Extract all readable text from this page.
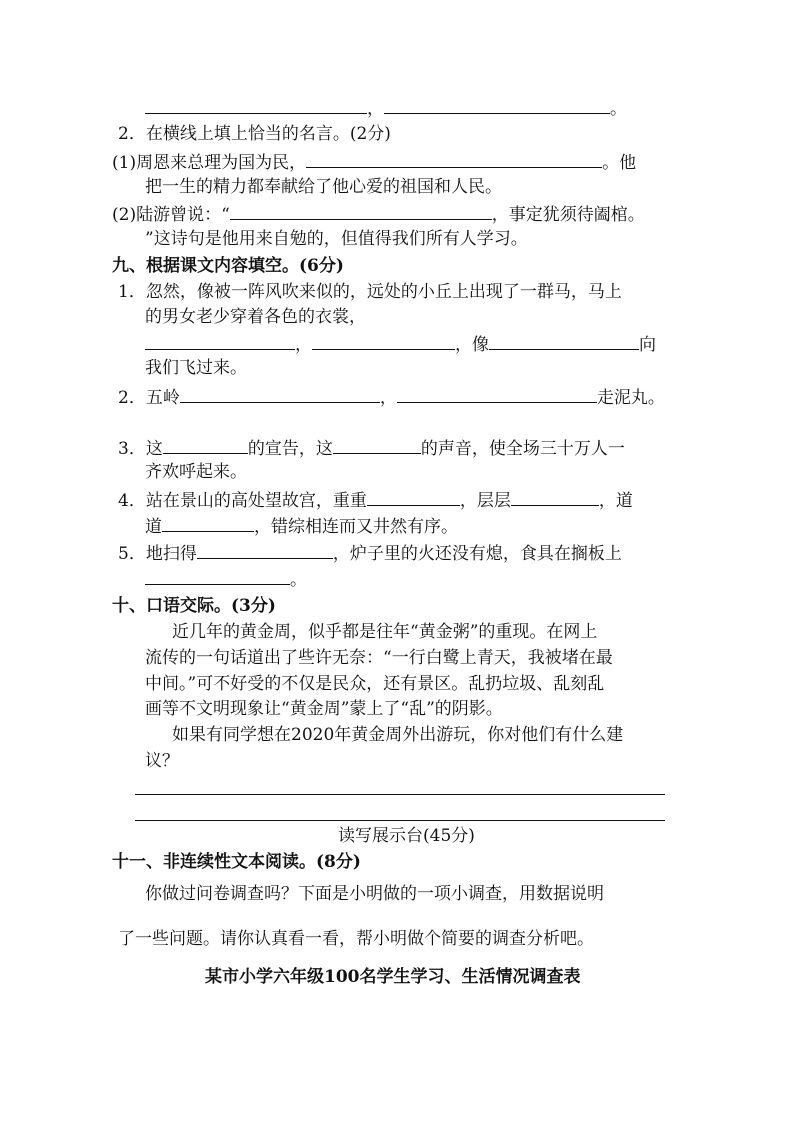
，	。
2．在横线上填上恰当的名言。(2分)
(1)周恩来总理为国为民，	。他
把一生的精力都奉献给了他心爱的祖国和人民。
(2)陆游曾说：“	，事定犹须待阖棺。
”这诗句是他用来自勉的，但值得我们所有人学习。
九、根据课文内容填空。(6分)
1．忽然，像被一阵风吹来似的，远处的小丘上出现了一群马，马上
的男女老少穿着各色的衣裳，
，	，像	向
我们飞过来。
2．五岭	，	走泥丸。
3．这	的宣告，这	的声音，使全场三十万人一
齐欢呼起来。
4．站在景山的高处望故宫，重重	，层层	，道
道	，错综相连而又井然有序。
5．地扫得	，炉子里的火还没有熄，食具在搁板上
。
十、口语交际。(3分)
近几年的黄金周，似乎都是往年“黄金粥”的重现。在网上
流传的一句话道出了些许无奈：“一行白鹭上青天，我被堵在最
中间。”可不好受的不仅是民众，还有景区。乱扔垃圾、乱刻乱
画等不文明现象让“黄金周”蒙上了“乱”的阴影。
如果有同学想在2020年黄金周外出游玩，你对他们有什么建
议？
读写展示台(45分)
十一、非连续性文本阅读。(8分)
你做过问卷调查吗？下面是小明做的一项小调查，用数据说明
了一些问题。请你认真看一看，帮小明做个简要的调查分析吧。
某市小学六年级100名学生学习、生活情况调查表
